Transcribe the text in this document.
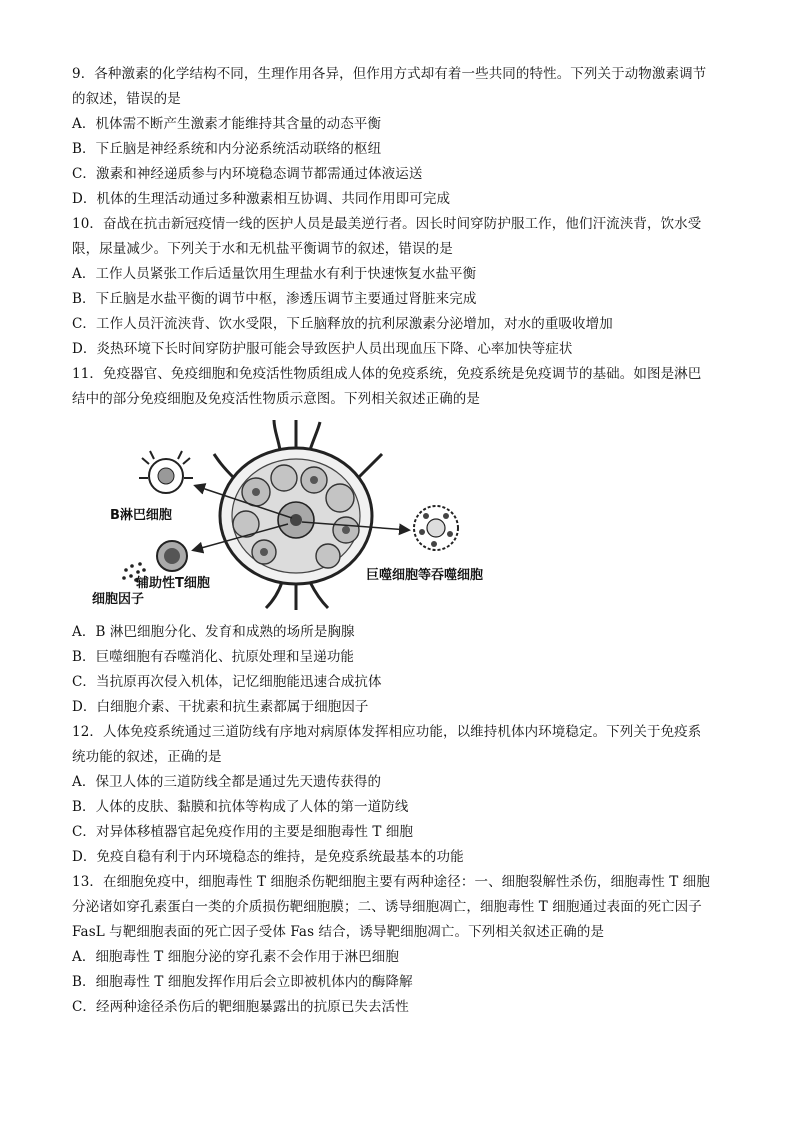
9．各种激素的化学结构不同，生理作用各异，但作用方式却有着一些共同的特性。下列关于动物激素调节
的叙述，错误的是
A．机体需不断产生激素才能维持其含量的动态平衡
B．下丘脑是神经系统和内分泌系统活动联络的枢纽
C．激素和神经递质参与内环境稳态调节都需通过体液运送
D．机体的生理活动通过多种激素相互协调、共同作用即可完成
10．奋战在抗击新冠疫情一线的医护人员是最美逆行者。因长时间穿防护服工作，他们汗流浃背，饮水受
限，尿量减少。下列关于水和无机盐平衡调节的叙述，错误的是
A．工作人员紧张工作后适量饮用生理盐水有利于快速恢复水盐平衡
B．下丘脑是水盐平衡的调节中枢，渗透压调节主要通过肾脏来完成
C．工作人员汗流浃背、饮水受限，下丘脑释放的抗利尿激素分泌增加，对水的重吸收增加
D．炎热环境下长时间穿防护服可能会导致医护人员出现血压下降、心率加快等症状
11．免疫器官、免疫细胞和免疫活性物质组成人体的免疫系统，免疫系统是免疫调节的基础。如图是淋巴
结中的部分免疫细胞及免疫活性物质示意图。下列相关叙述正确的是
B淋巴细胞
辅助性T细胞
细胞因子
巨噬细胞等吞噬细胞
A．B 淋巴细胞分化、发育和成熟的场所是胸腺
B．巨噬细胞有吞噬消化、抗原处理和呈递功能
C．当抗原再次侵入机体，记忆细胞能迅速合成抗体
D．白细胞介素、干扰素和抗生素都属于细胞因子
12．人体免疫系统通过三道防线有序地对病原体发挥相应功能，以维持机体内环境稳定。下列关于免疫系
统功能的叙述，正确的是
A．保卫人体的三道防线全都是通过先天遗传获得的
B．人体的皮肤、黏膜和抗体等构成了人体的第一道防线
C．对异体移植器官起免疫作用的主要是细胞毒性 T 细胞
D．免疫自稳有利于内环境稳态的维持，是免疫系统最基本的功能
13．在细胞免疫中，细胞毒性 T 细胞杀伤靶细胞主要有两种途径：一、细胞裂解性杀伤，细胞毒性 T 细胞
分泌诸如穿孔素蛋白一类的介质损伤靶细胞膜；二、诱导细胞凋亡，细胞毒性 T 细胞通过表面的死亡因子
FasL 与靶细胞表面的死亡因子受体 Fas 结合，诱导靶细胞凋亡。下列相关叙述正确的是
A．细胞毒性 T 细胞分泌的穿孔素不会作用于淋巴细胞
B．细胞毒性 T 细胞发挥作用后会立即被机体内的酶降解
C．经两种途径杀伤后的靶细胞暴露出的抗原已失去活性
